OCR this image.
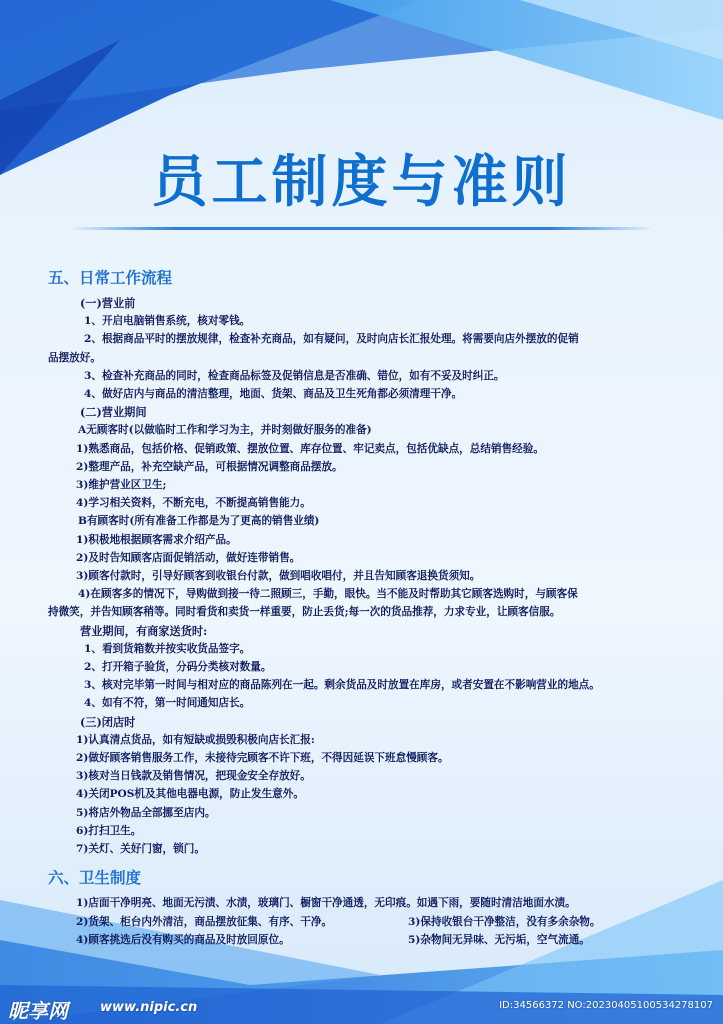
员工制度与准则
五、日常工作流程
(一)营业前
1、开启电脑销售系统，核对零钱。
2、根据商品平时的摆放规律，检查补充商品，如有疑问，及时向店长汇报处理。将需要向店外摆放的促销
品摆放好。
3、检查补充商品的同时，检查商品标签及促销信息是否准确、错位，如有不妥及时纠正。
4、做好店内与商品的清洁整理，地面、货架、商品及卫生死角都必须清理干净。
(二)营业期间
A无顾客时(以做临时工作和学习为主，并时刻做好服务的准备)
1)熟悉商品，包括价格、促销政策、摆放位置、库存位置、牢记卖点，包括优缺点，总结销售经验。
2)整理产品，补充空缺产品，可根据情况调整商品摆放。
3)维护营业区卫生;
4)学习相关资料，不断充电，不断提高销售能力。
B有顾客时(所有准备工作都是为了更高的销售业绩)
1)积极地根据顾客需求介绍产品。
2)及时告知顾客店面促销活动，做好连带销售。
3)顾客付款时，引导好顾客到收银台付款，做到唱收唱付，并且告知顾客退换货须知。
4)在顾客多的情况下，导购做到接一待二照顾三，手勤，眼快。当不能及时帮助其它顾客选购时，与顾客保
持微笑，并告知顾客稍等。同时看货和卖货一样重要，防止丢货;每一次的货品推荐，力求专业，让顾客信服。
营业期间，有商家送货时:
1、看到货箱数并按实收货品签字。
2、打开箱子验货，分码分类核对数量。
3、核对完毕第一时间与相对应的商品陈列在一起。剩余货品及时放置在库房，或者安置在不影响营业的地点。
4、如有不符，第一时间通知店长。
(三)闭店时
1)认真清点货品，如有短缺或损毁积极向店长汇报:
2)做好顾客销售服务工作，未接待完顾客不许下班，不得因延误下班怠慢顾客。
3)核对当日钱款及销售情况，把现金安全存放好。
4)关闭POS机及其他电器电源，防止发生意外。
5)将店外物品全部挪至店内。
6)打扫卫生。
7)关灯、关好门窗，锁门。
六、卫生制度
1)店面干净明亮、地面无污渍、水渍，玻璃门、橱窗干净通透，无印痕。如遇下雨，要随时清洁地面水渍。
2)货架、柜台内外清洁，商品摆放征集、有序、干净。	3)保持收银台干净整洁，没有多余杂物。
4)顾客挑选后没有购买的商品及时放回原位。	5)杂物间无异味、无污垢，空气流通。
昵享网 www.nipic.cn	ID:34566372 NO:20230405100534278107
